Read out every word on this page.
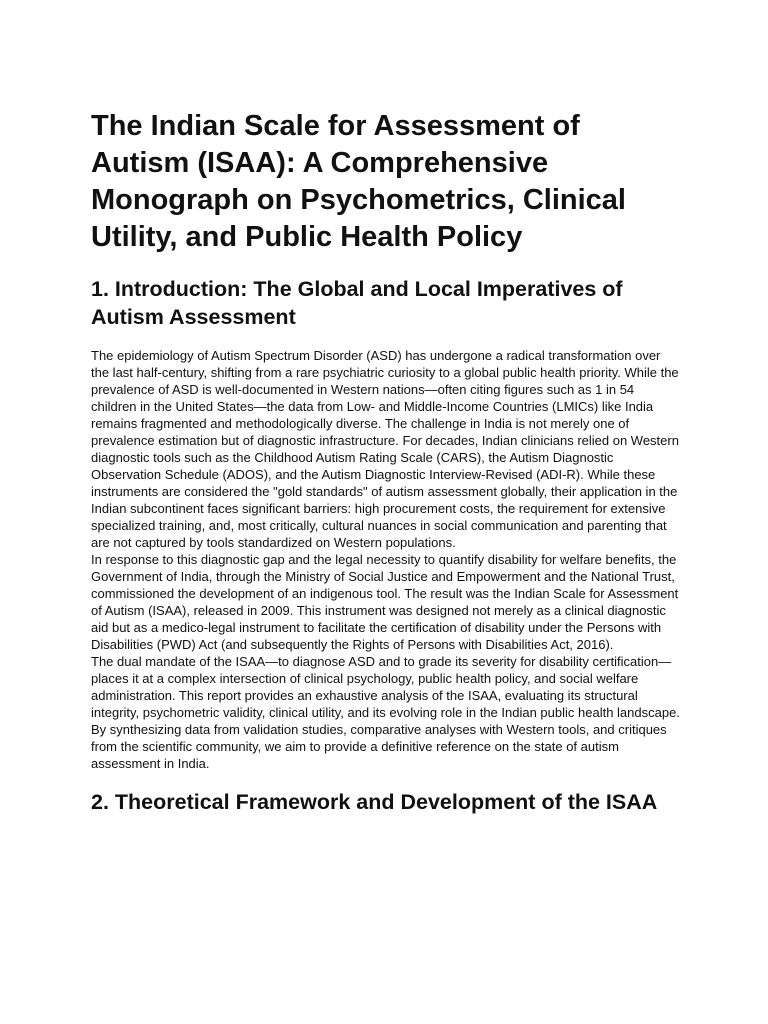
The Indian Scale for Assessment of Autism (ISAA): A Comprehensive Monograph on Psychometrics, Clinical Utility, and Public Health Policy
1. Introduction: The Global and Local Imperatives of Autism Assessment

The epidemiology of Autism Spectrum Disorder (ASD) has undergone a radical transformation over the last half-century, shifting from a rare psychiatric curiosity to a global public health priority. While the prevalence of ASD is well-documented in Western nations—often citing figures such as 1 in 54 children in the United States—the data from Low- and Middle-Income Countries (LMICs) like India remains fragmented and methodologically diverse. The challenge in India is not merely one of prevalence estimation but of diagnostic infrastructure. For decades, Indian clinicians relied on Western diagnostic tools such as the Childhood Autism Rating Scale (CARS), the Autism Diagnostic Observation Schedule (ADOS), and the Autism Diagnostic Interview-Revised (ADI-R). While these instruments are considered the "gold standards" of autism assessment globally, their application in the Indian subcontinent faces significant barriers: high procurement costs, the requirement for extensive specialized training, and, most critically, cultural nuances in social communication and parenting that are not captured by tools standardized on Western populations.

In response to this diagnostic gap and the legal necessity to quantify disability for welfare benefits, the Government of India, through the Ministry of Social Justice and Empowerment and the National Trust, commissioned the development of an indigenous tool. The result was the Indian Scale for Assessment of Autism (ISAA), released in 2009. This instrument was designed not merely as a clinical diagnostic aid but as a medico-legal instrument to facilitate the certification of disability under the Persons with Disabilities (PWD) Act (and subsequently the Rights of Persons with Disabilities Act, 2016).

The dual mandate of the ISAA—to diagnose ASD and to grade its severity for disability certification—places it at a complex intersection of clinical psychology, public health policy, and social welfare administration. This report provides an exhaustive analysis of the ISAA, evaluating its structural integrity, psychometric validity, clinical utility, and its evolving role in the Indian public health landscape. By synthesizing data from validation studies, comparative analyses with Western tools, and critiques from the scientific community, we aim to provide a definitive reference on the state of autism assessment in India.

2. Theoretical Framework and Development of the ISAA
